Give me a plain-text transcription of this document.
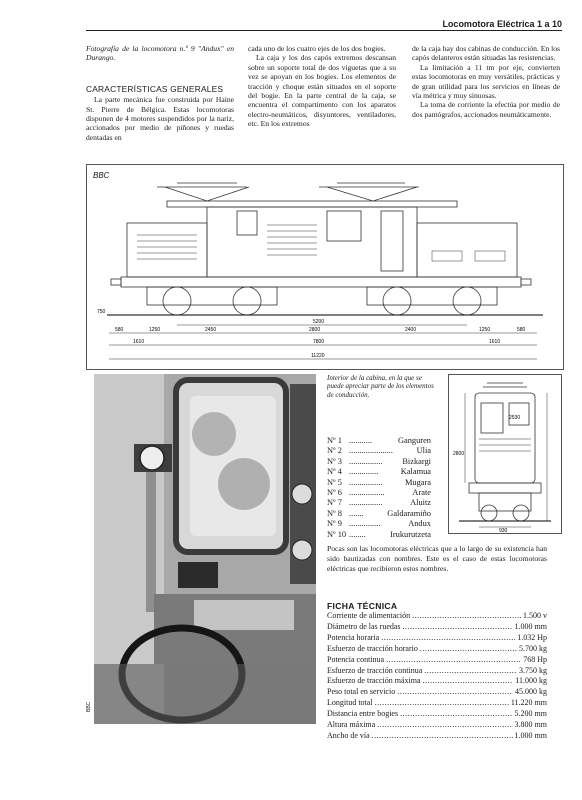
Locomotora Eléctrica 1 a 10

Fotografía de la locomotora n.º 9 "Andux" en Durango.

CARACTERÍSTICAS GENERALES

La parte mecánica fue construida por Haine St. Pierre de Bélgica. Estas locomotoras disponen de 4 motores suspendidos por la nariz, accionados por medio de piñones y ruedas dentadas en

cada uno de los cuatro ejes de los dos bogies.

La caja y los dos capós extremos descansan sobre un soporte total de dos viguetas que a su vez se apoyan en los bogies. Los elementos de tracción y choque están situados en el soporte del bogie. En la parte central de la caja, se encuentra el compartimento con los aparatos electro-neumáticos, disyuntores, ventiladores, etc. En los extremos

de la caja hay dos cabinas de conducción. En los capós delanteros están situadas las resistencias.

La limitación a 11 tm por eje, convierten estas locomotoras en muy versátiles, prácticas y de gran utilidad para los servicios en líneas de vía métrica y muy sinuosas.

La toma de corriente la efectúa por medio de dos pantógrafos, accionados neumáticamente.

BBC
750
5200
580	1250	2450	2800	2400	1250	580
1610	7800	1610
11220
BBC
Interior de la cabina, en la que se puede apreciar parte de los elementos de conducción.
2530
2800
930
Nº 1 ...........	Ganguren
Nº 2 .....................	Ulia
Nº 3 ................	Bizkargi
Nº 4 ..............	Kalamua
Nº 5 ................	Mugara
Nº 6 .................	Arate
Nº 7 ................	Aluitz
Nº 8 .......	Galdaramiño
Nº 9 ...............	Andux
Nº 10 ........	Irukurutzeta
Pocas son las locomotoras eléctricas que a lo largo de su existencia han sido bautizadas con nombres. Este es el caso de estas locomotoras eléctricas que recibieron estos nombres.
FICHA TÉCNICA
Corriente de alimentación .....	1.500 v
Diámetro de las ruedas .....	1.000 mm
Potencia horaria .....	1.032 Hp
Esfuerzo de tracción horario .....	5.700 kg
Potencia continua .....	768 Hp
Esfuerzo de tracción continua .....	3.750 kg
Esfuerzo de tracción máxima .....	11.000 kg
Peso total en servicio .....	45.000 kg
Longitud total .....	11.220 mm
Distancia entre bogies .....	5.200 mm
Altura máxima .....	3.800 mm
Ancho de vía .....	1.000 mm
